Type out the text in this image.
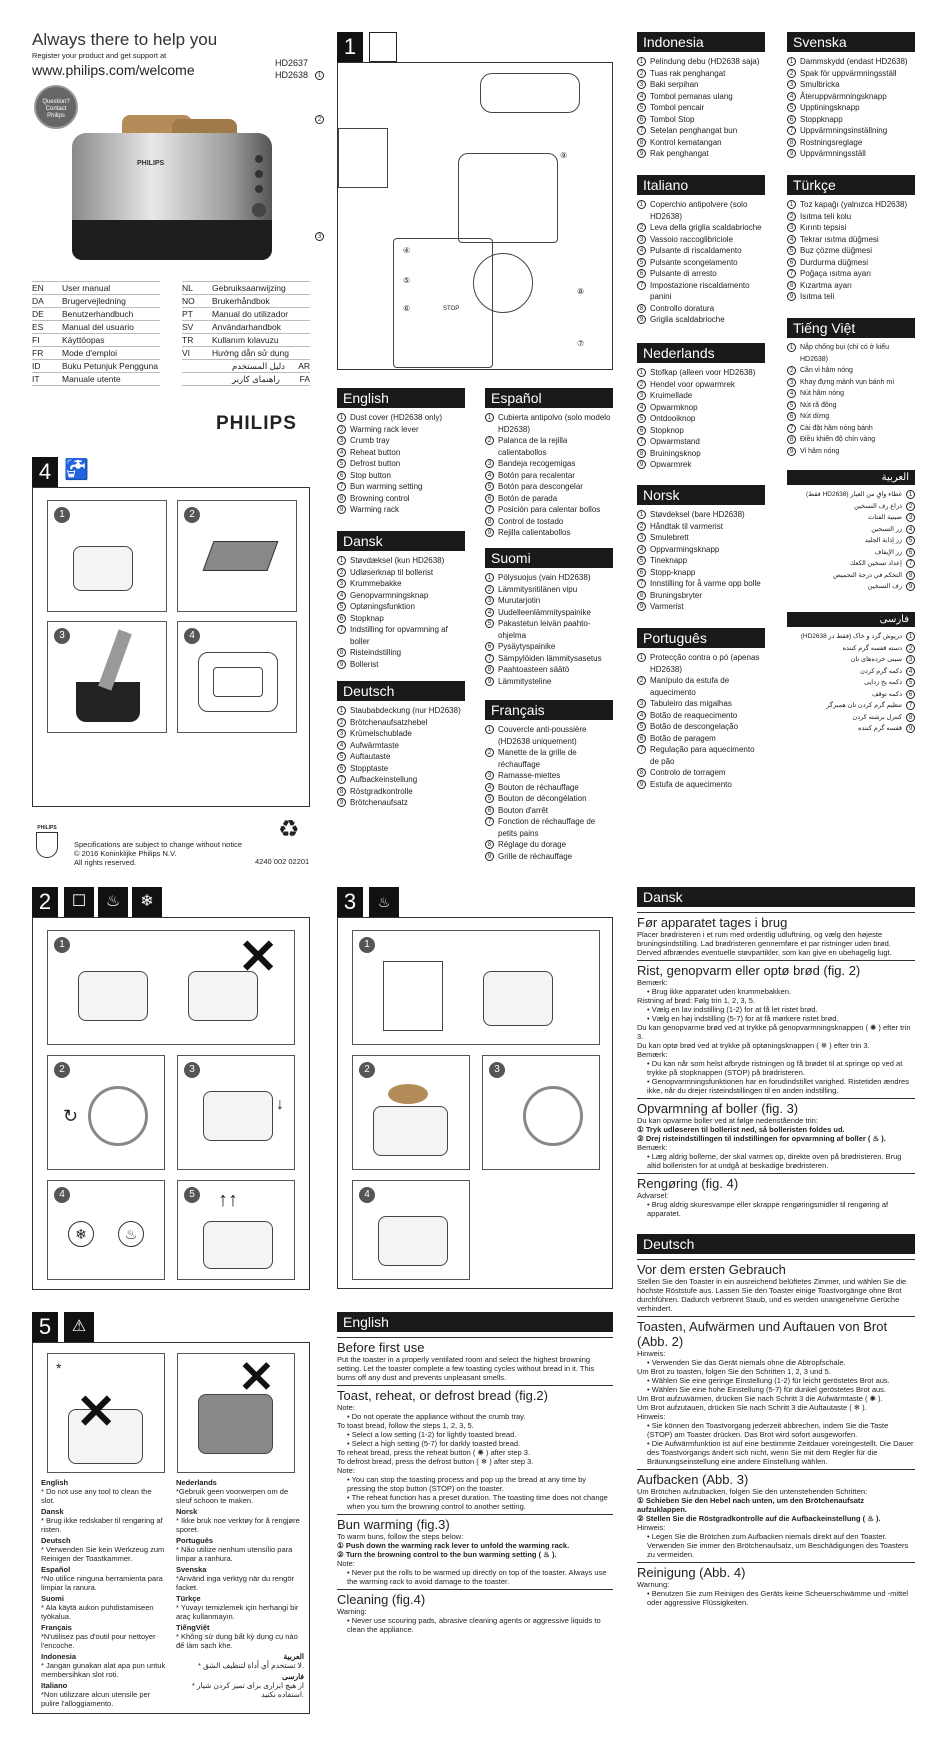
Always there to help you
Register your product and get support at
www.philips.com/welcome	HD2637
HD2638
Question? Contact Philips
PHILIPS
EN	User manual
DA	Brugervejledning
DE	Benutzerhandbuch
ES	Manual del usuario
FI	Käyttöopas
FR	Mode d'emploi
ID	Buku Petunjuk Pengguna
IT	Manuale utente
NL	Gebruiksaanwijzing
NO	Brukerhåndbok
PT	Manual do utilizador
SV	Användarhandbok
TR	Kullanım kılavuzu
VI	Hướng dẫn sử dụng
دليل المستخدم AR
راهنمای کاربر FA
PHILIPS
4 🚰
1	2
3	4
PHILIPS
Specifications are subject to change without notice
© 2016 Koninklijke Philips N.V.
All rights reserved.
♻
4240 002 02201
1
1
2
3
④
⑤
⑥	STOP
⑨
⑧
⑦
English
1 Dust cover (HD2638 only)
2 Warming rack lever
3 Crumb tray
4 Reheat button
5 Defrost button
6 Stop button
7 Bun warming setting
8 Browning control
9 Warming rack
Dansk
1 Støvdæksel (kun HD2638)
2 Udløserknap til bollerist
3 Krummebakke
4 Genopvarmningsknap
5 Optøningsfunktion
6 Stopknap
7 Indstilling for opvarmning af boller
8 Ristеindstilling
9 Bollerist
Deutsch
1 Staubabdeckung (nur HD2638)
2 Brötchenaufsatzhebel
3 Krümelschublade
4 Aufwärmtaste
5 Auftautaste
6 Stopptaste
7 Aufbackeinstellung
8 Röstgradkontrolle
9 Brötchenaufsatz
Español
1 Cubierta antipolvo (solo modelo HD2638)
2 Palanca de la rejilla calientabollos
3 Bandeja recogemigas
4 Botón para recalentar
5 Botón para descongelar
6 Botón de parada
7 Posición para calentar bollos
8 Control de tostado
9 Rejilla calientabollos
Suomi
1 Pölysuojus (vain HD2638)
2 Lämmitysritilänen vipu
3 Murutarjotin
4 Uudelleenlämmityspainike
5 Pakastetun leivän paahto-ohjelma
6 Pysäytyspainike
7 Sämpylöiden lämmitysasetus
8 Paahtoasteen säätö
9 Lämmitysteline
Français
1 Couvercle anti-poussière (HD2638 uniquement)
2 Manette de la grille de réchauffage
3 Ramasse-miettes
4 Bouton de réchauffage
5 Bouton de décongélation
6 Bouton d'arrêt
7 Fonction de réchauffage de petits pains
8 Réglage du dorage
9 Grille de réchauffage
Indonesia
1 Pelindung debu (HD2638 saja)
2 Tuas rak penghangat
3 Baki serpihan
4 Tombol pemanas ulang
5 Tombol pencair
6 Tombol Stop
7 Setelan penghangat bun
8 Kontrol kematangan
9 Rak penghangat
Italiano
1 Coperchio antipolvere (solo HD2638)
2 Leva della griglia scaldabrioche
3 Vassoio raccoglibriciole
4 Pulsante di riscaldamento
5 Pulsante scongelamento
6 Pulsante di arresto
7 Impostazione riscaldamento panini
8 Controllo doratura
9 Griglia scaldabrioche
Nederlands
1 Stofkap (alleen voor HD2638)
2 Hendel voor opwarmrek
3 Kruimellade
4 Opwarmknop
5 Ontdooiknop
6 Stopknop
7 Opwarmstand
8 Bruiningsknop
9 Opwarmrek
Norsk
1 Støvdeksel (bare HD2638)
2 Håndtak til varmerist
3 Smulebrett
4 Oppvarmingsknapp
5 Tineknapp
6 Stopp-knapp
7 Innstilling for å varme opp bolle
8 Bruningsbryter
9 Varmerist
Português
1 Protecção contra o pó (apenas HD2638)
2 Manípulo da estufa de aquecimento
3 Tabuleiro das migalhas
4 Botão de reaquecimento
5 Botão de descongelação
6 Botão de paragem
7 Regulação para aquecimento de pão
8 Controlo de torragem
9 Estufa de aquecimento
Svenska
1 Dammskydd (endast HD2638)
2 Spak för uppvärmningsställ
3 Smulbricka
4 Återuppvärmningsknapp
5 Upptiningsknapp
6 Stoppknapp
7 Uppvärmningsinställning
8 Rostningsreglage
9 Uppvärmningsställ
Türkçe
1 Toz kapağı (yalnızca HD2638)
2 Isıtma teli kolu
3 Kırıntı tepsisi
4 Tekrar ısıtma düğmesi
5 Buz çözme düğmesi
6 Durdurma düğmesi
7 Poğaça ısıtma ayarı
8 Kızartma ayarı
9 Isıtma teli
Tiếng Việt
1 Nắp chống bụi (chỉ có ở kiểu HD2638)
2 Cần vỉ hâm nóng
3 Khay đựng mảnh vụn bánh mì
4 Nút hâm nóng
5 Nút rã đông
6 Nút dừng
7 Cài đặt hâm nóng bánh
8 Điều khiển độ chín vàng
9 Vỉ hâm nóng
العربية
1
غطاء واقٍ من الغبار (HD2638 فقط)
2
ذراع رف التسخين
3
صينية الفتات
4
زر التسخين
5
زر إذابة الجليد
6
زر الإيقاف
7
إعداد تسخين الكعك
8
التحكم في درجة التحميص
9
رف التسخين
فارسی
1
درپوش گرد و خاک (فقط در HD2638)
2
دسته قفسه گرم کننده
3
سینی خرده‌های نان
4
دکمه گرم کردن
5
دکمه یخ زدایی
6
دکمه توقف
7
تنظیم گرم کردن نان همبرگر
8
کنترل برشته کردن
9
قفسه گرم کننده
2	☐	♨	❄
1	✕
2
↻
3
↓
4
❄	♨
5 ↑↑
3	♨
1
2	3
4
Dansk
Før apparatet tages i brug
Placer brødristeren i et rum med ordentlig udluftning, og vælg den højeste bruningsindstilling. Lad brødristeren gennemføre et par ristninger uden brød. Derved afbrændes eventuelle støvpartikler, som kan give en ubehagelig lugt.
Rist, genopvarm eller optø brød (fig. 2)
Bemærk:
• Brug ikke apparatet uden krummebakken.
Ristning af brød: Følg trin 1, 2, 3, 5.
• Vælg en lav indstilling (1-2) for at få let ristet brød.
• Vælg en høj indstilling (5-7) for at få mørkere ristet brød.
Du kan genopvarme brød ved at trykke på genopvarmningsknappen ( ✺ ) efter trin 3.
Du kan optø brød ved at trykke på optøningsknappen ( ❄ ) efter trin 3.
Bemærk:
• Du kan når som helst afbryde ristningen og få brødet til at springe op ved at trykke på stopknappen (STOP) på brødristeren.
• Genopvarmningsfunktionen har en forudindstillet varighed. Ristetiden ændres ikke, når du drejer risteindstillingen til en anden indstilling.
Opvarmning af boller (fig. 3)
Du kan opvarme boller ved at følge nedenstående trin:
① Tryk udløseren til bollerist ned, så bolleristen foldes ud.
② Drej risteindstillingen til indstillingen for opvarmning af boller ( ♨ ).
Bemærk:
• Læg aldrig bollerne, der skal varmes op, direkte oven på brødristeren. Brug altid bolleristen for at undgå at beskadige brødristeren.
Rengøring (fig. 4)
Advarsel:
• Brug aldrig skuresvampe eller skrappe rengøringsmidler til rengøring af apparatet.
Deutsch
Vor dem ersten Gebrauch
Stellen Sie den Toaster in ein ausreichend belüftetes Zimmer, und wählen Sie die höchste Röststufe aus. Lassen Sie den Toaster einige Toastvorgänge ohne Brot durchführen. Dadurch verbrennt Staub, und es werden unangenehme Gerüche verhindert.
Toasten, Aufwärmen und Auftauen von Brot (Abb. 2)
Hinweis:
• Verwenden Sie das Gerät niemals ohne die Abtropfschale.
Um Brot zu toasten, folgen Sie den Schritten 1, 2, 3 und 5.
• Wählen Sie eine geringe Einstellung (1-2) für leicht geröstetes Brot aus.
• Wählen Sie eine hohe Einstellung (5-7) für dunkel geröstetes Brot aus.
Um Brot aufzuwärmen, drücken Sie nach Schritt 3 die Aufwärmtaste ( ✺ ).
Um Brot aufzutauen, drücken Sie nach Schritt 3 die Auftautaste ( ❄ ).
Hinweis:
• Sie können den Toastvorgang jederzeit abbrechen, indem Sie die Taste (STOP) am Toaster drücken. Das Brot wird sofort ausgeworfen.
• Die Aufwärmfunktion ist auf eine bestimmte Zeitdauer voreingestellt. Die Dauer des Toastvorgangs ändert sich nicht, wenn Sie mit dem Regler für die Bräunungseinstellung eine andere Einstellung wählen.
Aufbacken (Abb. 3)
Um Brötchen aufzubacken, folgen Sie den untenstehenden Schritten:
① Schieben Sie den Hebel nach unten, um den Brötchenaufsatz aufzuklappen.
② Stellen Sie die Röstgradkontrolle auf die Aufbackeinstellung ( ♨ ).
Hinweis:
• Legen Sie die Brötchen zum Aufbacken niemals direkt auf den Toaster. Verwenden Sie immer den Brötchenaufsatz, um Beschädigungen des Toasters zu vermeiden.
Reinigung (Abb. 4)
Warnung:
• Benutzen Sie zum Reinigen des Geräts keine Scheuerschwämme und -mittel oder aggressive Flüssigkeiten.
5	⚠
*
✕
✕
English
* Do not use any tool to clean the slot.
Dansk
* Brug ikke redskaber til rengøring af risten.
Deutsch
* Verwenden Sie kein Werkzeug zum Reinigen der Toastkammer.
Español
*No utilice ninguna herramienta para limpiar la ranura.
Suomi
* Ala käytä aukon puhdistamiseen työkalua.
Français
*N'utilisez pas d'outil pour nettoyer l'encoche.
Indonesia
* Jangan gunakan alat apa pun untuk membersihkan slot roti.
Italiano
*Non utilizzare alcun utensile per pulire l'alloggiamento.
Nederlands
*Gebruik geen voorwerpen om de sleuf schoon te maken.
Norsk
* Ikke bruk noe verktøy for å rengjøre sporet.
Português
* Não utilize nenhum utensílio para limpar a ranhura.
Svenska
*Använd inga verktyg när du rengör facket.
Türkçe
* Yuvayı temizlemek için herhangi bir araç kullanmayın.
TiếngViệt
* Không sử dụng bất kỳ dụng cụ nào để làm sạch khe.
العربية
* لا تستخدم أي أداة لتنظيف الشق.
فارسی
* از هیچ ابزاری برای تمیز کردن شیار استفاده نکنید.
English
Before first use
Put the toaster in a properly ventilated room and select the highest browning setting. Let the toaster complete a few toasting cycles without bread in it. This burns off any dust and prevents unpleasant smells.
Toast, reheat, or defrost bread (fig.2)
Note:
• Do not operate the appliance without the crumb tray.
To toast bread, follow the steps 1, 2, 3, 5.
• Select a low setting (1-2) for lightly toasted bread.
• Select a high setting (5-7) for darkly toasted bread.
To reheat bread, press the reheat button ( ✺ ) after step 3.
To defrost bread, press the defrost button ( ❄ ) after step 3.
Note:
• You can stop the toasting process and pop up the bread at any time by pressing the stop button (STOP) on the toaster.
• The reheat function has a preset duration. The toasting time does not change when you turn the browning control to another setting.
Bun warming (fig.3)
To warm buns, follow the steps below:
① Push down the warming rack lever to unfold the warming rack.
② Turn the browning control to the bun warming setting ( ♨ ).
Note:
• Never put the rolls to be warmed up directly on top of the toaster. Always use the warming rack to avoid damage to the toaster.
Cleaning (fig.4)
Warning:
• Never use scouring pads, abrasive cleaning agents or aggressive liquids to clean the appliance.
